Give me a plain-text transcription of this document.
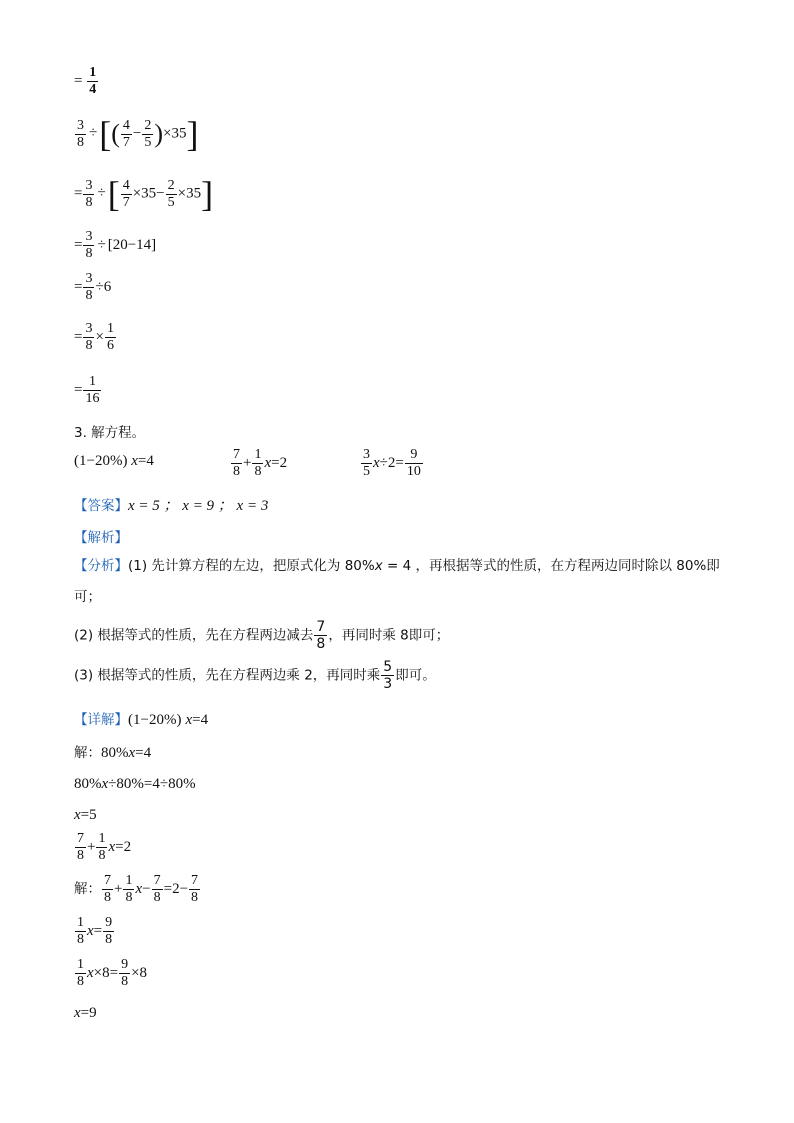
= $\frac{1}{4}$
$\frac{3}{8}$ ÷[( $\frac{4}{7} - \frac{2}{5} )\times 35$]
= $\frac{3}{8}$ ÷[ $\frac{4}{7} \times 35- \frac{2}{5} \times 35$]
= $\frac{3}{8} \div [20-14]$
= $\frac{3}{8} \div 6$
= $\frac{3}{8} \times \frac{1}{6}$
= $\frac{1}{16}$
3. 解方程。
(1−20%) x=4	$\frac{7}{8} + \frac{1}{8} x=2$	$\frac{3}{5} x\div 2= \frac{9}{10}$
【答案】x = 5 ； x = 9 ； x = 3
【解析】
【分析】(1) 先计算方程的左边，把原式化为 80%x = 4 ，再根据等式的性质，在方程两边同时除以 80%即
可；
(2) 根据等式的性质，先在方程两边减去 $\frac{7}{8}$ ，再同时乘 8即可；
(3) 根据等式的性质，先在方程两边乘 2，再同时乘 $\frac{5}{3}$ 即可。
【详解】(1−20%) x=4
解：80%x=4
80%x÷80%=4÷80%
x=5
$\frac{7}{8} + \frac{1}{8} x=2$
解： $\frac{7}{8} + \frac{1}{8} x- \frac{7}{8} =2- \frac{7}{8}$
$\frac{1}{8} x= \frac{9}{8}$
$\frac{1}{8} x\times 8= \frac{9}{8} \times 8$
x=9
